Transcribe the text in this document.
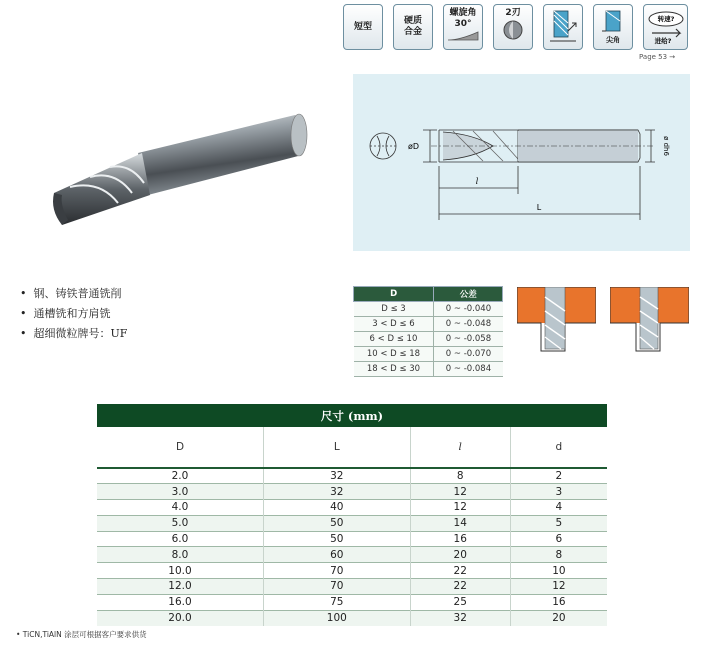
短型
硬质
合金
螺旋角
30°
2刃
尖角
转速?
进给?
Page 53 →
øD	ø dh6
l
L
•  钢、铸铁普通铣削
•  通槽铣和方肩铣
•  超细微粒牌号：UF
D	公差
D ≤ 3	0 ~ -0.040
3 < D ≤ 6	0 ~ -0.048
6 < D ≤ 10	0 ~ -0.058
10 < D ≤ 18	0 ~ -0.070
18 < D ≤ 30	0 ~ -0.084
尺寸 (mm)			
D	L	l	d
2.0	32	8	2
3.0	32	12	3
4.0	40	12	4
5.0	50	14	5
6.0	50	16	6
8.0	60	20	8
10.0	70	22	10
12.0	70	22	12
16.0	75	25	16
20.0	100	32	20
• TiCN,TiAlN 涂层可根据客户要求供货
